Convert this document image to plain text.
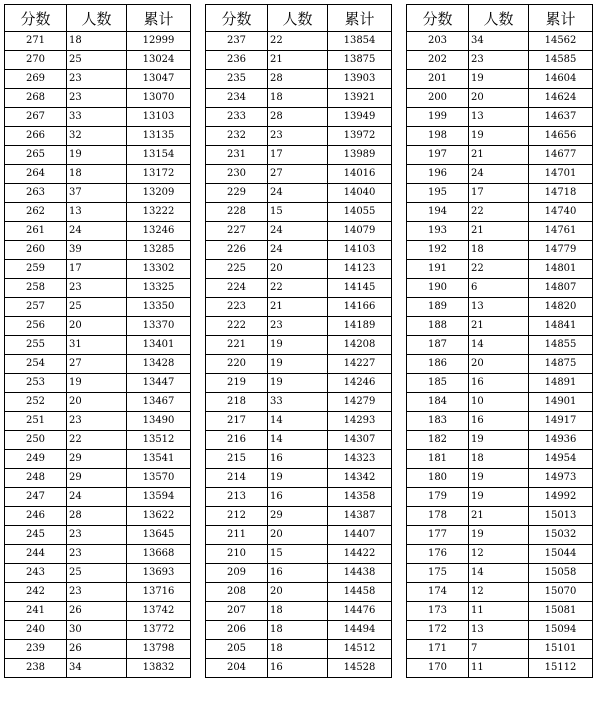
分数	人数	累计
271	18	12999
270	25	13024
269	23	13047
268	23	13070
267	33	13103
266	32	13135
265	19	13154
264	18	13172
263	37	13209
262	13	13222
261	24	13246
260	39	13285
259	17	13302
258	23	13325
257	25	13350
256	20	13370
255	31	13401
254	27	13428
253	19	13447
252	20	13467
251	23	13490
250	22	13512
249	29	13541
248	29	13570
247	24	13594
246	28	13622
245	23	13645
244	23	13668
243	25	13693
242	23	13716
241	26	13742
240	30	13772
239	26	13798
238	34	13832
分数	人数	累计
237	22	13854
236	21	13875
235	28	13903
234	18	13921
233	28	13949
232	23	13972
231	17	13989
230	27	14016
229	24	14040
228	15	14055
227	24	14079
226	24	14103
225	20	14123
224	22	14145
223	21	14166
222	23	14189
221	19	14208
220	19	14227
219	19	14246
218	33	14279
217	14	14293
216	14	14307
215	16	14323
214	19	14342
213	16	14358
212	29	14387
211	20	14407
210	15	14422
209	16	14438
208	20	14458
207	18	14476
206	18	14494
205	18	14512
204	16	14528
分数	人数	累计
203	34	14562
202	23	14585
201	19	14604
200	20	14624
199	13	14637
198	19	14656
197	21	14677
196	24	14701
195	17	14718
194	22	14740
193	21	14761
192	18	14779
191	22	14801
190	6	14807
189	13	14820
188	21	14841
187	14	14855
186	20	14875
185	16	14891
184	10	14901
183	16	14917
182	19	14936
181	18	14954
180	19	14973
179	19	14992
178	21	15013
177	19	15032
176	12	15044
175	14	15058
174	12	15070
173	11	15081
172	13	15094
171	7	15101
170	11	15112
